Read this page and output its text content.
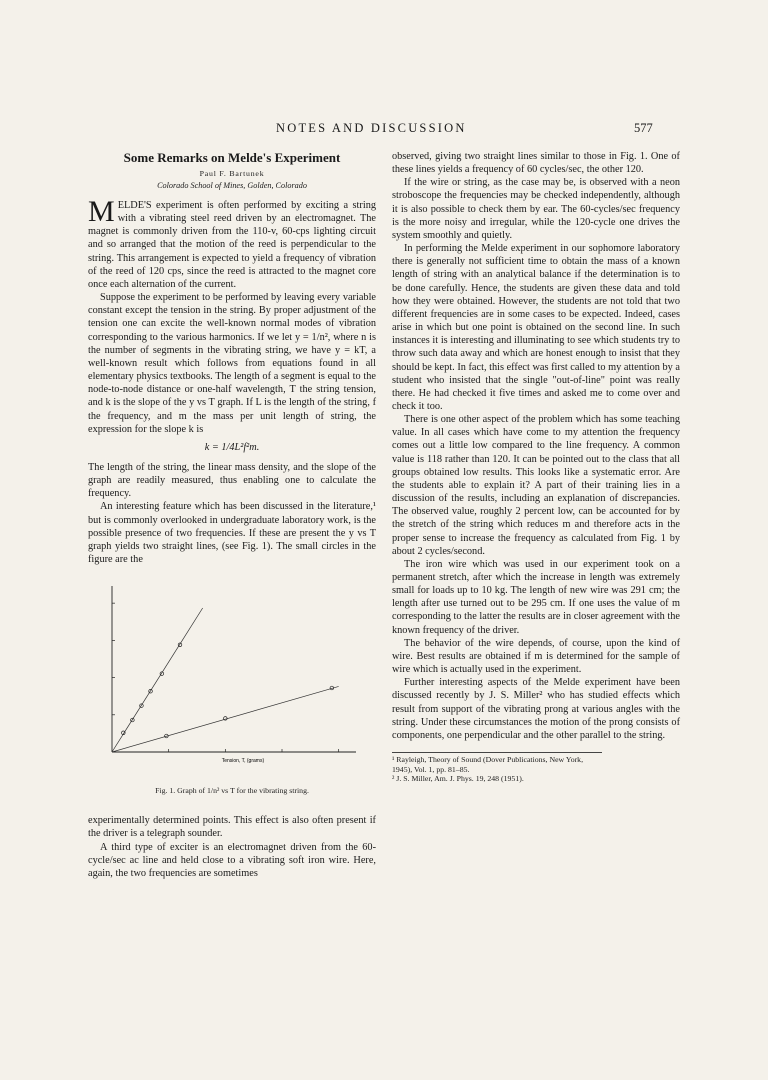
NOTES AND DISCUSSION	577
Some Remarks on Melde's Experiment
Paul F. Bartunek
Colorado School of Mines, Golden, Colorado

MELDE'S experiment is often performed by exciting a string with a vibrating steel reed driven by an electromagnet. The magnet is commonly driven from the 110-v, 60-cps lighting circuit and so arranged that the motion of the reed is perpendicular to the string. This arrangement is expected to yield a frequency of vibration of the reed of 120 cps, since the reed is attracted to the magnet core once each alternation of the current.

Suppose the experiment to be performed by leaving every variable constant except the tension in the string. By proper adjustment of the tension one can excite the well-known normal modes of vibration corresponding to the various harmonics. If we let y = 1/n², where n is the number of segments in the vibrating string, we have y = kT, a well-known result which follows from equations found in all elementary physics textbooks. The length of a segment is equal to the node-to-node distance or one-half wavelength, T the string tension, and k is the slope of the y vs T graph. If L is the length of the string, f the frequency, and m the mass per unit length of string, the expression for the slope k is

k = 1/4L²f²m.

The length of the string, the linear mass density, and the slope of the graph are readily measured, thus enabling one to calculate the frequency.

An interesting feature which has been discussed in the literature,¹ but is commonly overlooked in undergraduate laboratory work, is the possible presence of two frequencies. If these are present the y vs T graph yields two straight lines, (see Fig. 1). The small circles in the figure are the

Tension, T, (grams)
Fig. 1. Graph of 1/n² vs T for the vibrating string.

experimentally determined points. This effect is also often present if the driver is a telegraph sounder.

A third type of exciter is an electromagnet driven from the 60-cycle/sec ac line and held close to a vibrating soft iron wire. Here, again, the two frequencies are sometimes

observed, giving two straight lines similar to those in Fig. 1. One of these lines yields a frequency of 60 cycles/sec, the other 120.

If the wire or string, as the case may be, is observed with a neon stroboscope the frequencies may be checked independently, although it is also possible to check them by ear. The 60-cycles/sec frequency is the more noisy and irregular, while the 120-cycle one drives the system smoothly and quietly.

In performing the Melde experiment in our sophomore laboratory there is generally not sufficient time to obtain the mass of a known length of string with an analytical balance if the determination is to be done carefully. Hence, the students are given these data and told how they were obtained. However, the students are not told that two different frequencies are in some cases to be expected. Indeed, cases arise in which but one point is obtained on the second line. In such instances it is interesting and illuminating to see which students try to throw such data away and which are honest enough to insist that they should be kept. In fact, this effect was first called to my attention by a student who insisted that the single "out-of-line" point was really there. He had checked it five times and asked me to come over and check it too.

There is one other aspect of the problem which has some teaching value. In all cases which have come to my attention the frequency comes out a little low compared to the line frequency. A common value is 118 rather than 120. It can be pointed out to the class that all groups obtained low results. This looks like a systematic error. Are the students able to explain it? A part of their training lies in a discussion of the results, including an explanation of discrepancies. The observed value, roughly 2 percent low, can be accounted for by the stretch of the string which reduces m and therefore acts in the proper sense to increase the frequency as calculated from Fig. 1 by about 2 cycles/second.

The iron wire which was used in our experiment took on a permanent stretch, after which the increase in length was extremely small for loads up to 10 kg. The length of new wire was 291 cm; the length after use turned out to be 295 cm. If one uses the value of m corresponding to the latter the results are in closer agreement with the known frequency of the driver.

The behavior of the wire depends, of course, upon the kind of wire. Best results are obtained if m is determined for the sample of wire which is actually used in the experiment.

Further interesting aspects of the Melde experiment have been discussed recently by J. S. Miller² who has studied effects which result from support of the vibrating prong at various angles with the string. Under these circumstances the motion of the prong consists of components, one perpendicular and the other parallel to the string.

¹ Rayleigh, Theory of Sound (Dover Publications, New York, 1945), Vol. 1, pp. 81–85.
² J. S. Miller, Am. J. Phys. 19, 248 (1951).
